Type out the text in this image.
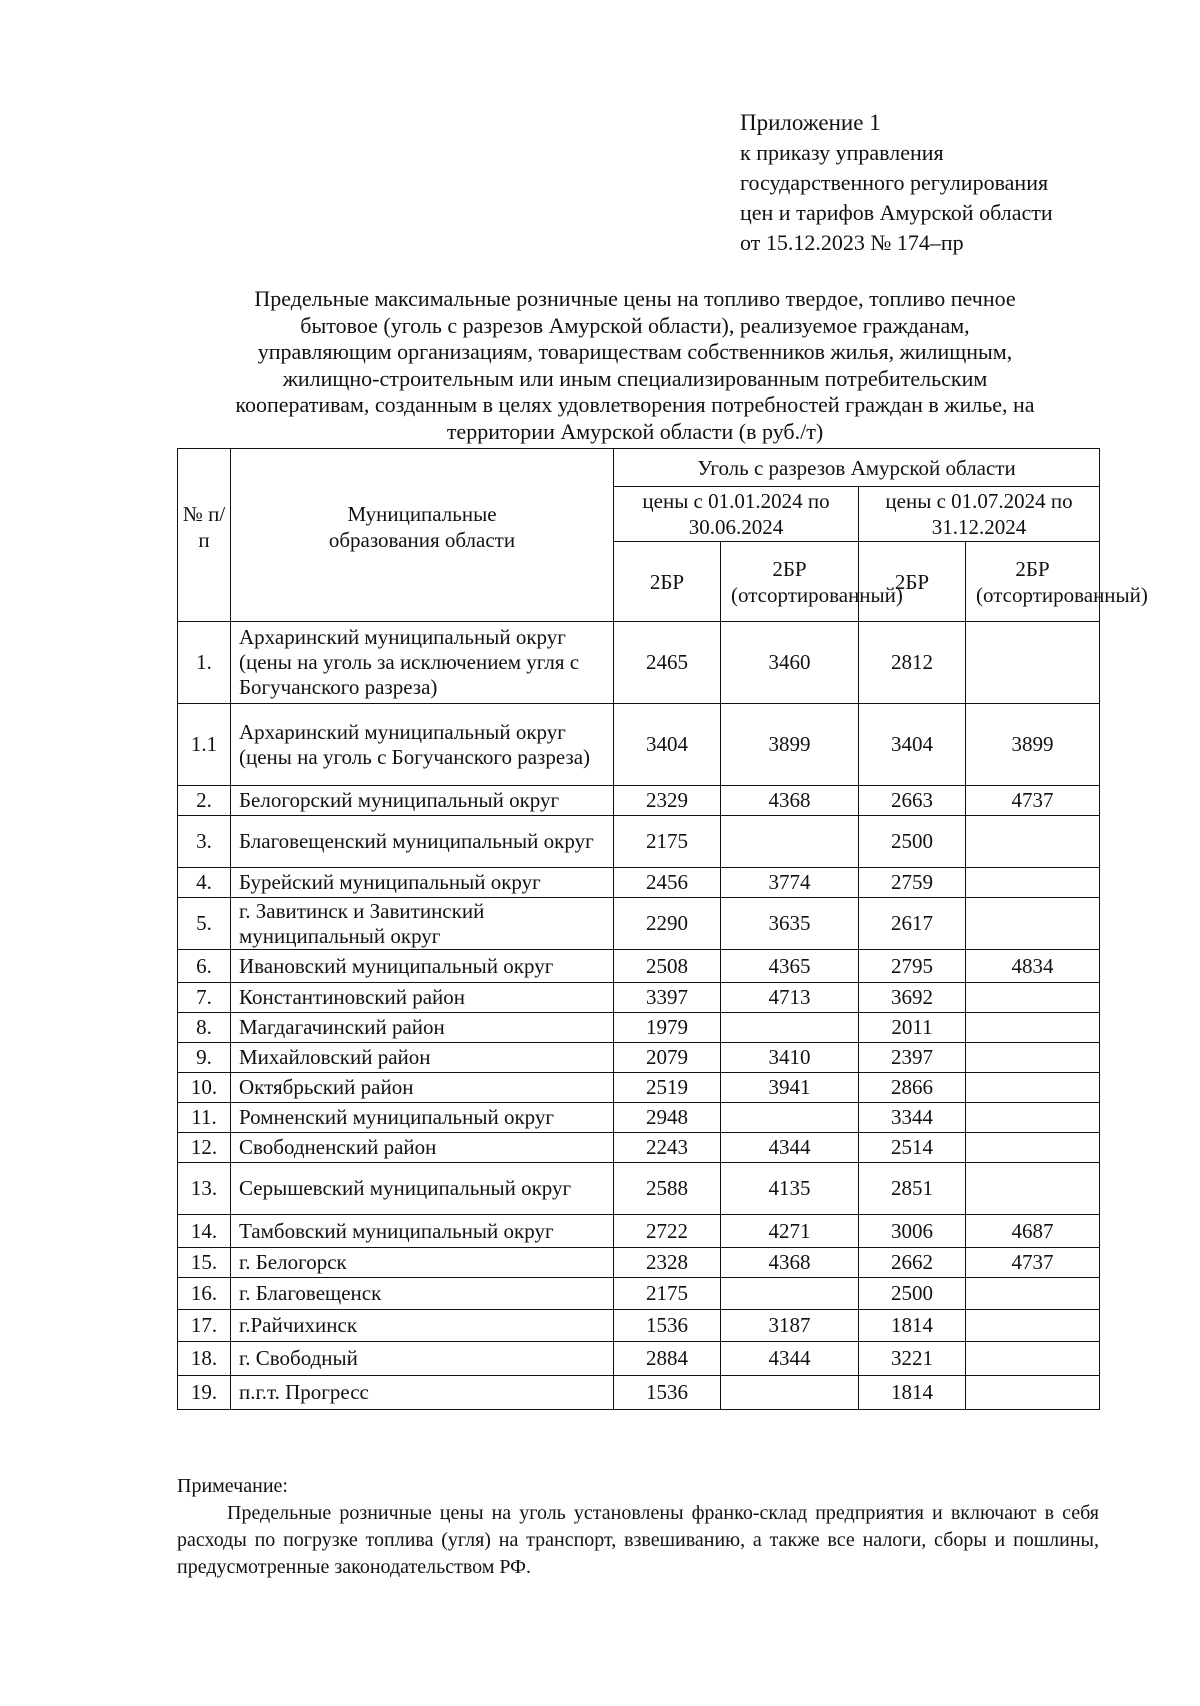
Приложение 1
к приказу управления
государственного регулирования
цен и тарифов Амурской области
от 15.12.2023 № 174–пр
Предельные максимальные розничные цены на топливо твердое, топливо печное
бытовое (уголь с разрезов Амурской области), реализуемое гражданам,
управляющим организациям, товариществам собственников жилья, жилищным,
жилищно-строительным или иным специализированным потребительским
кооперативам, созданным в целях удовлетворения потребностей граждан в жилье, на
территории Амурской области (в руб./т)
№ п/п	Муниципальные образования области	Уголь с разрезов Амурской области			
		цены с 01.01.2024 по 30.06.2024		цены с 01.07.2024 по 31.12.2024	
		2БР	2БР (отсортированный)	2БР	2БР (отсортированный)
1.	Архаринский муниципальный округ (цены на уголь за исключением угля с Богучанского разреза)	2465	3460	2812	
1.1	Архаринский муниципальный округ (цены на уголь с Богучанского разреза)	3404	3899	3404	3899
2.	Белогорский муниципальный округ	2329	4368	2663	4737
3.	Благовещенский муниципальный округ	2175		2500	
4.	Бурейский муниципальный округ	2456	3774	2759	
5.	г. Завитинск и Завитинский муниципальный округ	2290	3635	2617	
6.	Ивановский муниципальный округ	2508	4365	2795	4834
7.	Константиновский район	3397	4713	3692	
8.	Магдагачинский район	1979		2011	
9.	Михайловский район	2079	3410	2397	
10.	Октябрьский район	2519	3941	2866	
11.	Ромненский муниципальный округ	2948		3344	
12.	Свободненский район	2243	4344	2514	
13.	Серышевский муниципальный округ	2588	4135	2851	
14.	Тамбовский муниципальный округ	2722	4271	3006	4687
15.	г. Белогорск	2328	4368	2662	4737
16.	г. Благовещенск	2175		2500	
17.	г.Райчихинск	1536	3187	1814	
18.	г. Свободный	2884	4344	3221	
19.	п.г.т. Прогресс	1536		1814	
Примечание:
Предельные розничные цены на уголь установлены франко-склад предприятия и включают в себя расходы по погрузке топлива (угля) на транспорт, взвешиванию, а также все налоги, сборы и пошлины, предусмотренные законодательством РФ.
